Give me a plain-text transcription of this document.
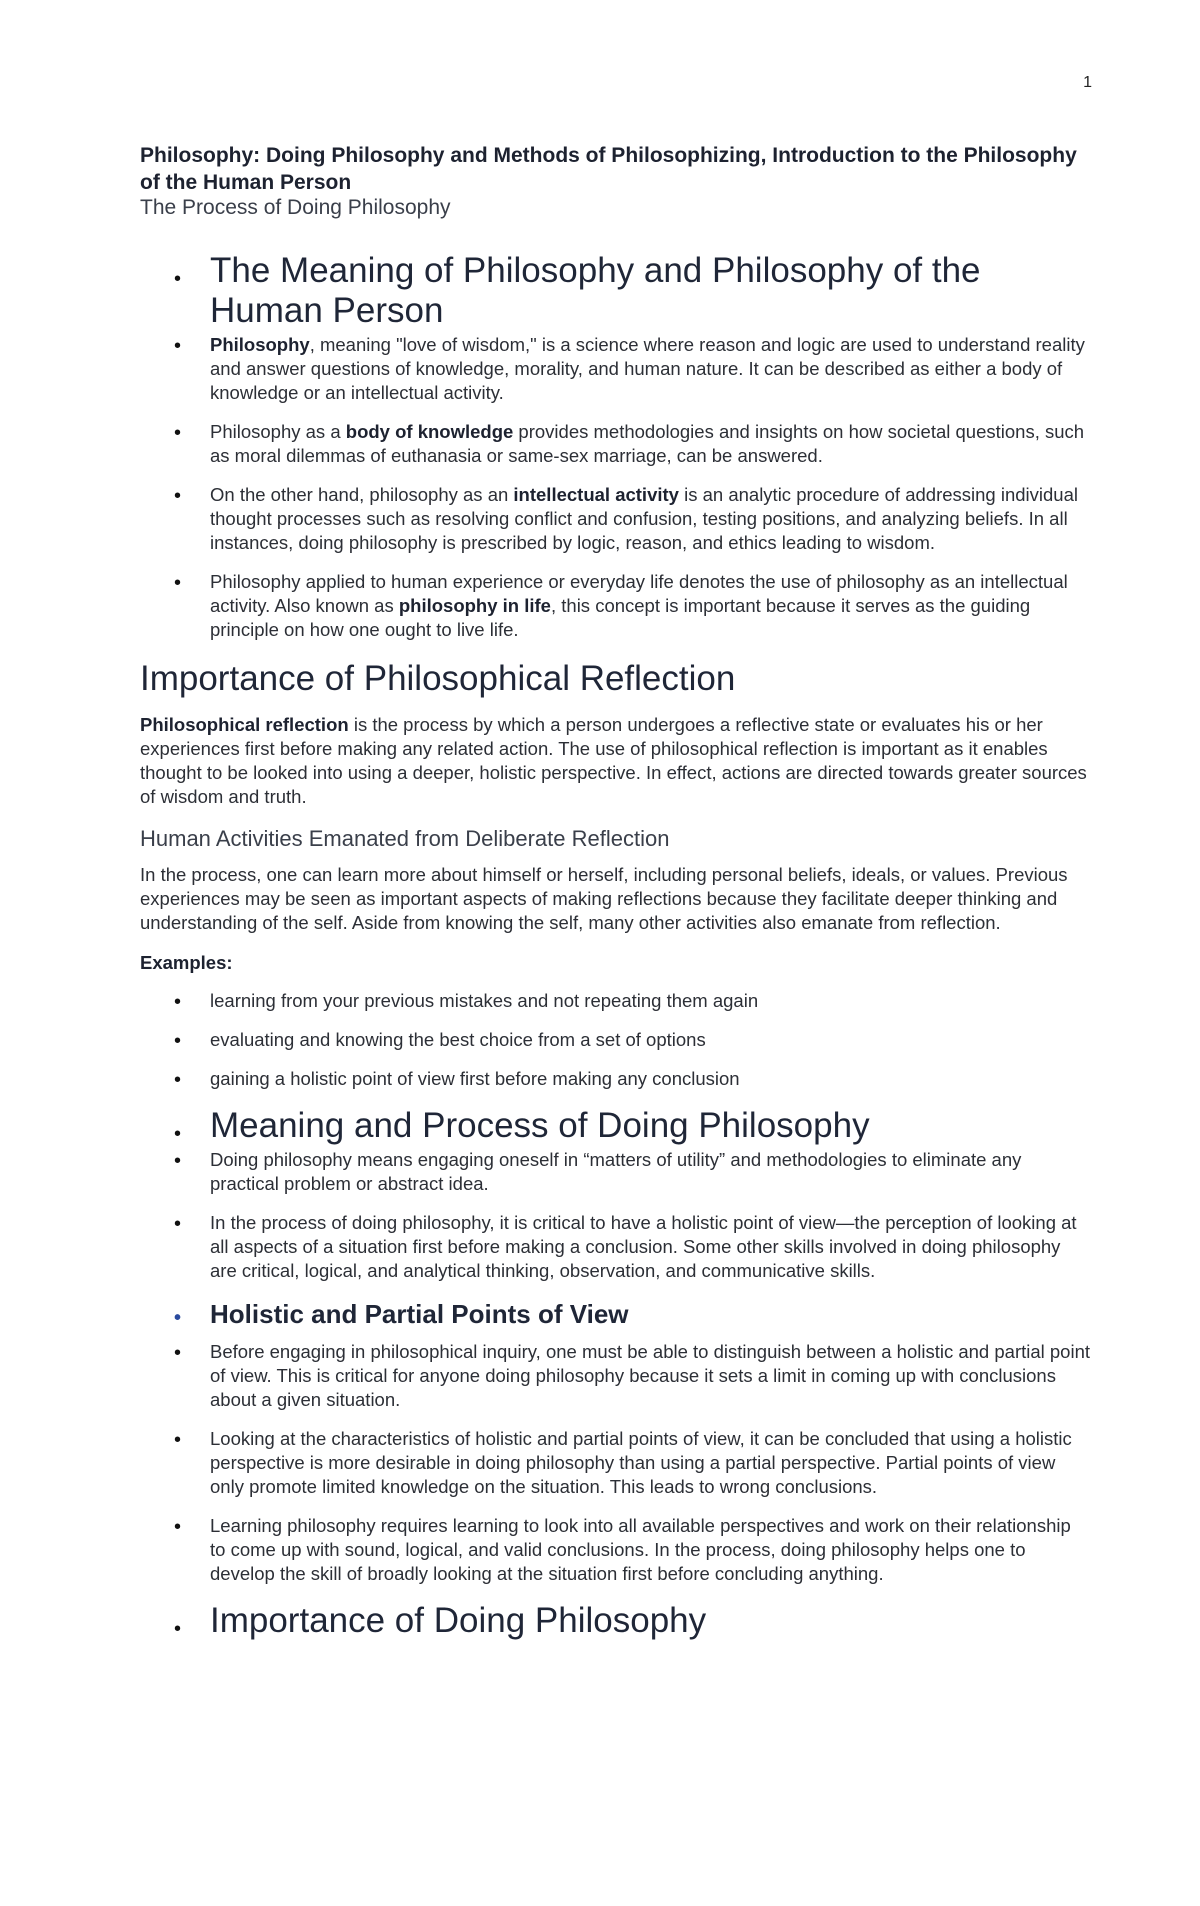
1
Philosophy: Doing Philosophy and Methods of Philosophizing, Introduction to the Philosophy of the Human Person
The Process of Doing Philosophy
• The Meaning of Philosophy and Philosophy of the Human Person
• Philosophy, meaning "love of wisdom," is a science where reason and logic are used to understand reality and answer questions of knowledge, morality, and human nature. It can be described as either a body of knowledge or an intellectual activity.
• Philosophy as a body of knowledge provides methodologies and insights on how societal questions, such as moral dilemmas of euthanasia or same-sex marriage, can be answered.
• On the other hand, philosophy as an intellectual activity is an analytic procedure of addressing individual thought processes such as resolving conflict and confusion, testing positions, and analyzing beliefs. In all instances, doing philosophy is prescribed by logic, reason, and ethics leading to wisdom.
• Philosophy applied to human experience or everyday life denotes the use of philosophy as an intellectual activity. Also known as philosophy in life, this concept is important because it serves as the guiding principle on how one ought to live life.
Importance of Philosophical Reflection
Philosophical reflection is the process by which a person undergoes a reflective state or evaluates his or her experiences first before making any related action. The use of philosophical reflection is important as it enables thought to be looked into using a deeper, holistic perspective. In effect, actions are directed towards greater sources of wisdom and truth.
Human Activities Emanated from Deliberate Reflection
In the process, one can learn more about himself or herself, including personal beliefs, ideals, or values. Previous experiences may be seen as important aspects of making reflections because they facilitate deeper thinking and understanding of the self. Aside from knowing the self, many other activities also emanate from reflection.
Examples:
• learning from your previous mistakes and not repeating them again
• evaluating and knowing the best choice from a set of options
• gaining a holistic point of view first before making any conclusion
• Meaning and Process of Doing Philosophy
• Doing philosophy means engaging oneself in “matters of utility” and methodologies to eliminate any practical problem or abstract idea.
• In the process of doing philosophy, it is critical to have a holistic point of view—the perception of looking at all aspects of a situation first before making a conclusion. Some other skills involved in doing philosophy are critical, logical, and analytical thinking, observation, and communicative skills.
• Holistic and Partial Points of View
• Before engaging in philosophical inquiry, one must be able to distinguish between a holistic and partial point of view. This is critical for anyone doing philosophy because it sets a limit in coming up with conclusions about a given situation.
• Looking at the characteristics of holistic and partial points of view, it can be concluded that using a holistic perspective is more desirable in doing philosophy than using a partial perspective. Partial points of view only promote limited knowledge on the situation. This leads to wrong conclusions.
• Learning philosophy requires learning to look into all available perspectives and work on their relationship to come up with sound, logical, and valid conclusions. In the process, doing philosophy helps one to develop the skill of broadly looking at the situation first before concluding anything.
• Importance of Doing Philosophy
